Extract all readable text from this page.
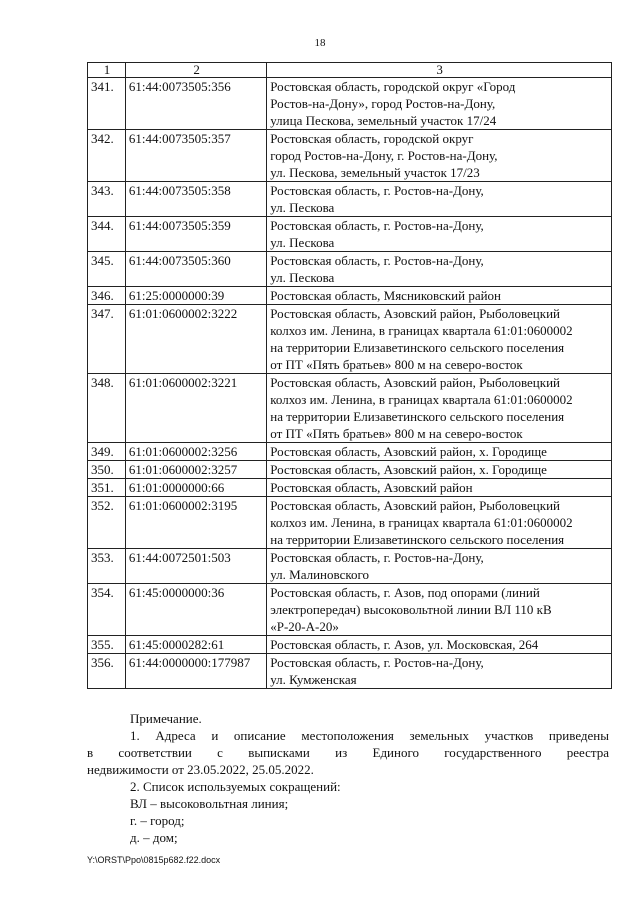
18
1	2	3
341.	61:44:0073505:356	Ростовская область, городской округ «Город
Ростов-на-Дону», город Ростов-на-Дону,
улица Пескова, земельный участок 17/24

342.	61:44:0073505:357	Ростовская область, городской округ
город Ростов-на-Дону, г. Ростов-на-Дону,
ул. Пескова, земельный участок 17/23

343.	61:44:0073505:358	Ростовская область, г. Ростов-на-Дону,
ул. Пескова

344.	61:44:0073505:359	Ростовская область, г. Ростов-на-Дону,
ул. Пескова

345.	61:44:0073505:360	Ростовская область, г. Ростов-на-Дону,
ул. Пескова

346.	61:25:0000000:39	Ростовская область, Мясниковский район

347.	61:01:0600002:3222	Ростовская область, Азовский район, Рыболовецкий
колхоз им. Ленина, в границах квартала 61:01:0600002
на территории Елизаветинского сельского поселения
от ПТ «Пять братьев» 800 м на северо-восток

348.	61:01:0600002:3221	Ростовская область, Азовский район, Рыболовецкий
колхоз им. Ленина, в границах квартала 61:01:0600002
на территории Елизаветинского сельского поселения
от ПТ «Пять братьев» 800 м на северо-восток

349.	61:01:0600002:3256	Ростовская область, Азовский район, х. Городище

350.	61:01:0600002:3257	Ростовская область, Азовский район, х. Городище

351.	61:01:0000000:66	Ростовская область, Азовский район

352.	61:01:0600002:3195	Ростовская область, Азовский район, Рыболовецкий
колхоз им. Ленина, в границах квартала 61:01:0600002
на территории Елизаветинского сельского поселения

353.	61:44:0072501:503	Ростовская область, г. Ростов-на-Дону,
ул. Малиновского

354.	61:45:0000000:36	Ростовская область, г. Азов, под опорами (линий
электропередач) высоковольтной линии ВЛ 110 кВ
«Р-20-А-20»

355.	61:45:0000282:61	Ростовская область, г. Азов, ул. Московская, 264

356.	61:44:0000000:177987	Ростовская область, г. Ростов-на-Дону,
ул. Кумженская

Примечание.

1. Адреса и описание местоположения земельных участков приведены

в соответствии с выписками из Единого государственного реестра

недвижимости от 23.05.2022, 25.05.2022.

2. Список используемых сокращений:

ВЛ – высоковольтная линия;

г. – город;

д. – дом;

Y:\ORST\Ppo\0815p682.f22.docx
